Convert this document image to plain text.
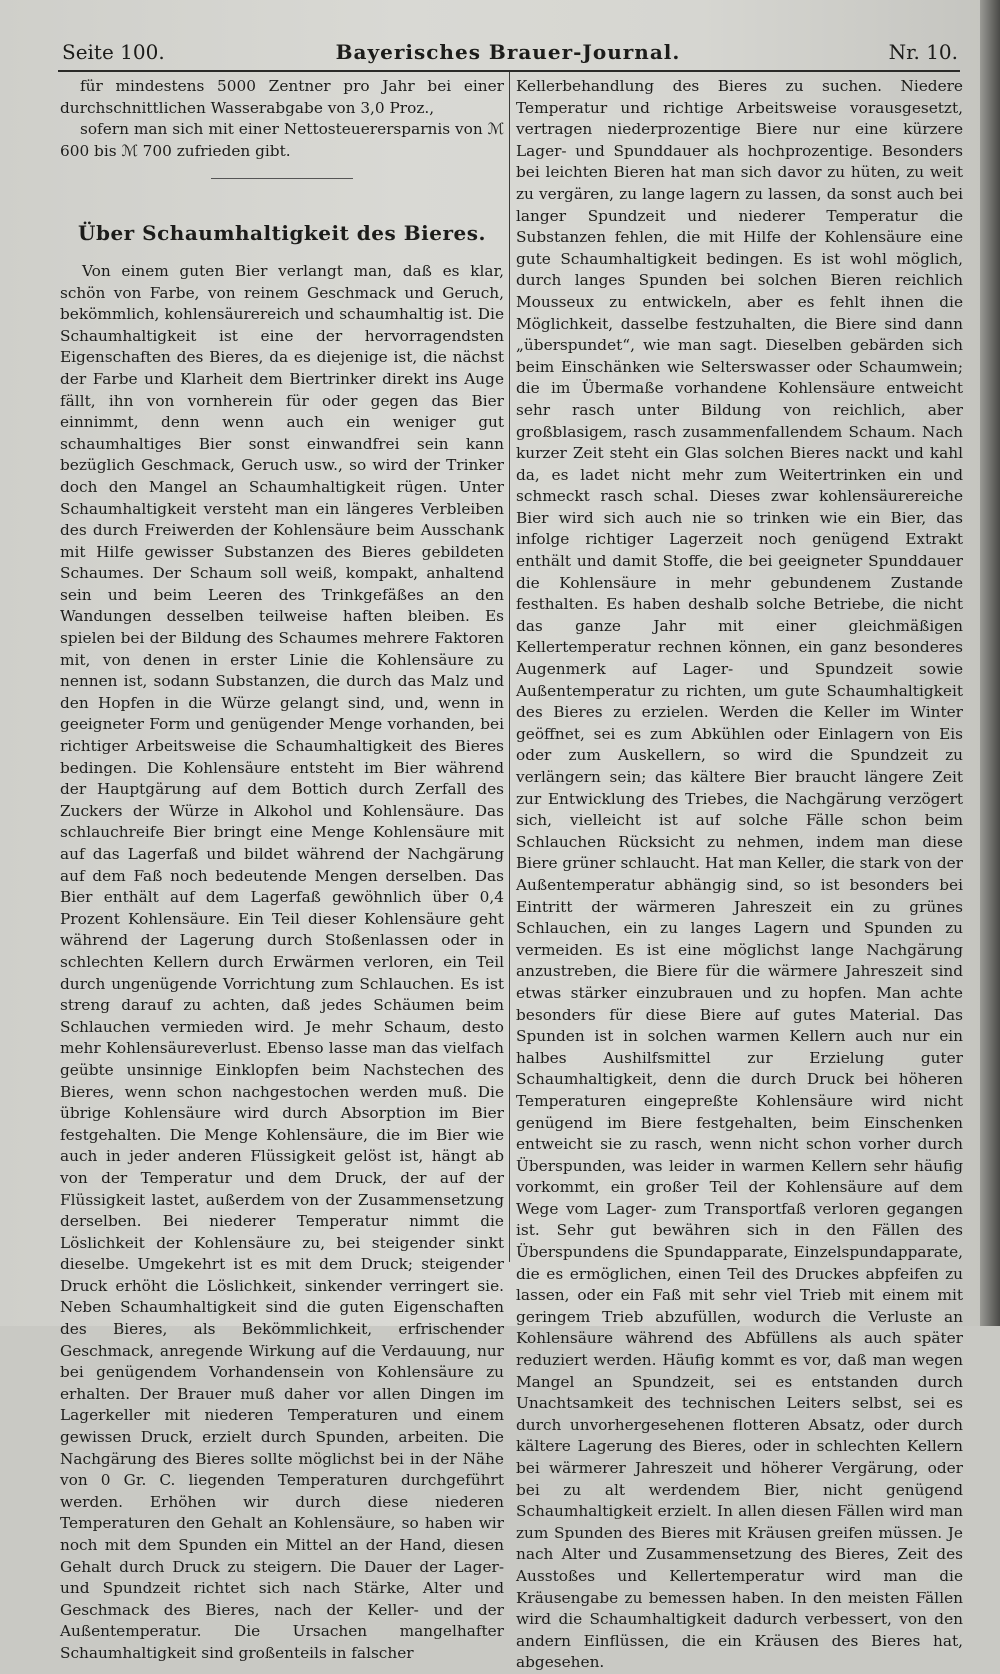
Seite 100.	Bayerisches Brauer-Journal.	Nr. 10.

für mindestens 5000 Zentner pro Jahr bei einer durchschnittlichen Wasserabgabe von 3,0 Proz.,

sofern man sich mit einer Nettosteuerersparnis von ℳ 600 bis ℳ 700 zufrieden gibt.

Über Schaumhaltigkeit des Bieres.

Von einem guten Bier verlangt man, daß es klar, schön von Farbe, von reinem Geschmack und Geruch, bekömmlich, kohlensäurereich und schaumhaltig ist. Die Schaumhaltigkeit ist eine der hervorragendsten Eigenschaften des Bieres, da es diejenige ist, die nächst der Farbe und Klarheit dem Biertrinker direkt ins Auge fällt, ihn von vornherein für oder gegen das Bier einnimmt, denn wenn auch ein weniger gut schaumhaltiges Bier sonst einwandfrei sein kann bezüglich Geschmack, Geruch usw., so wird der Trinker doch den Mangel an Schaumhaltigkeit rügen. Unter Schaumhaltigkeit versteht man ein längeres Verbleiben des durch Freiwerden der Kohlensäure beim Ausschank mit Hilfe gewisser Substanzen des Bieres gebildeten Schaumes. Der Schaum soll weiß, kompakt, anhaltend sein und beim Leeren des Trinkgefäßes an den Wandungen desselben teilweise haften bleiben. Es spielen bei der Bildung des Schaumes mehrere Faktoren mit, von denen in erster Linie die Kohlensäure zu nennen ist, sodann Substanzen, die durch das Malz und den Hopfen in die Würze gelangt sind, und, wenn in geeigneter Form und genügender Menge vorhanden, bei richtiger Arbeitsweise die Schaumhaltigkeit des Bieres bedingen. Die Kohlensäure entsteht im Bier während der Hauptgärung auf dem Bottich durch Zerfall des Zuckers der Würze in Alkohol und Kohlensäure. Das schlauchreife Bier bringt eine Menge Kohlensäure mit auf das Lagerfaß und bildet während der Nachgärung auf dem Faß noch bedeutende Mengen derselben. Das Bier enthält auf dem Lagerfaß gewöhnlich über 0,4 Prozent Kohlensäure. Ein Teil dieser Kohlensäure geht während der Lagerung durch Stoßenlassen oder in schlechten Kellern durch Erwärmen verloren, ein Teil durch ungenügende Vorrichtung zum Schlauchen. Es ist streng darauf zu achten, daß jedes Schäumen beim Schlauchen vermieden wird. Je mehr Schaum, desto mehr Kohlensäureverlust. Ebenso lasse man das vielfach geübte unsinnige Einklopfen beim Nachstechen des Bieres, wenn schon nachgestochen werden muß. Die übrige Kohlensäure wird durch Absorption im Bier festgehalten. Die Menge Kohlensäure, die im Bier wie auch in jeder anderen Flüssigkeit gelöst ist, hängt ab von der Temperatur und dem Druck, der auf der Flüssigkeit lastet, außerdem von der Zusammensetzung derselben. Bei niederer Temperatur nimmt die Löslichkeit der Kohlensäure zu, bei steigender sinkt dieselbe. Umgekehrt ist es mit dem Druck; steigender Druck erhöht die Löslichkeit, sinkender verringert sie. Neben Schaumhaltigkeit sind die guten Eigenschaften des Bieres, als Bekömmlichkeit, erfrischender Geschmack, anregende Wirkung auf die Verdauung, nur bei genügendem Vorhandensein von Kohlensäure zu erhalten. Der Brauer muß daher vor allen Dingen im Lagerkeller mit niederen Temperaturen und einem gewissen Druck, erzielt durch Spunden, arbeiten. Die Nachgärung des Bieres sollte möglichst bei in der Nähe von 0 Gr. C. liegenden Temperaturen durchgeführt werden. Erhöhen wir durch diese niederen Temperaturen den Gehalt an Kohlensäure, so haben wir noch mit dem Spunden ein Mittel an der Hand, diesen Gehalt durch Druck zu steigern. Die Dauer der Lager- und Spundzeit richtet sich nach Stärke, Alter und Geschmack des Bieres, nach der Keller- und der Außentemperatur. Die Ursachen mangelhafter Schaumhaltigkeit sind großenteils in falscher

Kellerbehandlung des Bieres zu suchen. Niedere Temperatur und richtige Arbeitsweise vorausgesetzt, vertragen niederprozentige Biere nur eine kürzere Lager- und Spunddauer als hochprozentige. Besonders bei leichten Bieren hat man sich davor zu hüten, zu weit zu vergären, zu lange lagern zu lassen, da sonst auch bei langer Spundzeit und niederer Temperatur die Substanzen fehlen, die mit Hilfe der Kohlensäure eine gute Schaumhaltigkeit bedingen. Es ist wohl möglich, durch langes Spunden bei solchen Bieren reichlich Mousseux zu entwickeln, aber es fehlt ihnen die Möglichkeit, dasselbe festzuhalten, die Biere sind dann „überspundet“, wie man sagt. Dieselben gebärden sich beim Einschänken wie Selterswasser oder Schaumwein; die im Übermaße vorhandene Kohlensäure entweicht sehr rasch unter Bildung von reichlich, aber großblasigem, rasch zusammenfallendem Schaum. Nach kurzer Zeit steht ein Glas solchen Bieres nackt und kahl da, es ladet nicht mehr zum Weitertrinken ein und schmeckt rasch schal. Dieses zwar kohlensäurereiche Bier wird sich auch nie so trinken wie ein Bier, das infolge richtiger Lagerzeit noch genügend Extrakt enthält und damit Stoffe, die bei geeigneter Spunddauer die Kohlensäure in mehr gebundenem Zustande festhalten. Es haben deshalb solche Betriebe, die nicht das ganze Jahr mit einer gleichmäßigen Kellertemperatur rechnen können, ein ganz besonderes Augenmerk auf Lager- und Spundzeit sowie Außentemperatur zu richten, um gute Schaumhaltigkeit des Bieres zu erzielen. Werden die Keller im Winter geöffnet, sei es zum Abkühlen oder Einlagern von Eis oder zum Auskellern, so wird die Spundzeit zu verlängern sein; das kältere Bier braucht längere Zeit zur Entwicklung des Triebes, die Nachgärung verzögert sich, vielleicht ist auf solche Fälle schon beim Schlauchen Rücksicht zu nehmen, indem man diese Biere grüner schlaucht. Hat man Keller, die stark von der Außentemperatur abhängig sind, so ist besonders bei Eintritt der wärmeren Jahreszeit ein zu grünes Schlauchen, ein zu langes Lagern und Spunden zu vermeiden. Es ist eine möglichst lange Nachgärung anzustreben, die Biere für die wärmere Jahreszeit sind etwas stärker einzubrauen und zu hopfen. Man achte besonders für diese Biere auf gutes Material. Das Spunden ist in solchen warmen Kellern auch nur ein halbes Aushilfsmittel zur Erzielung guter Schaumhaltigkeit, denn die durch Druck bei höheren Temperaturen eingepreßte Kohlensäure wird nicht genügend im Biere festgehalten, beim Einschenken entweicht sie zu rasch, wenn nicht schon vorher durch Überspunden, was leider in warmen Kellern sehr häufig vorkommt, ein großer Teil der Kohlensäure auf dem Wege vom Lager- zum Transportfaß verloren gegangen ist. Sehr gut bewähren sich in den Fällen des Überspundens die Spundapparate, Einzelspundapparate, die es ermöglichen, einen Teil des Druckes abpfeifen zu lassen, oder ein Faß mit sehr viel Trieb mit einem mit geringem Trieb abzufüllen, wodurch die Verluste an Kohlensäure während des Abfüllens als auch später reduziert werden. Häufig kommt es vor, daß man wegen Mangel an Spundzeit, sei es entstanden durch Unachtsamkeit des technischen Leiters selbst, sei es durch unvorhergesehenen flotteren Absatz, oder durch kältere Lagerung des Bieres, oder in schlechten Kellern bei wärmerer Jahreszeit und höherer Vergärung, oder bei zu alt werdendem Bier, nicht genügend Schaumhaltigkeit erzielt. In allen diesen Fällen wird man zum Spunden des Bieres mit Kräusen greifen müssen. Je nach Alter und Zusammensetzung des Bieres, Zeit des Ausstoßes und Kellertemperatur wird man die Kräusengabe zu bemessen haben. In den meisten Fällen wird die Schaumhaltigkeit dadurch verbessert, von den andern Einflüssen, die ein Kräusen des Bieres hat, abgesehen.
